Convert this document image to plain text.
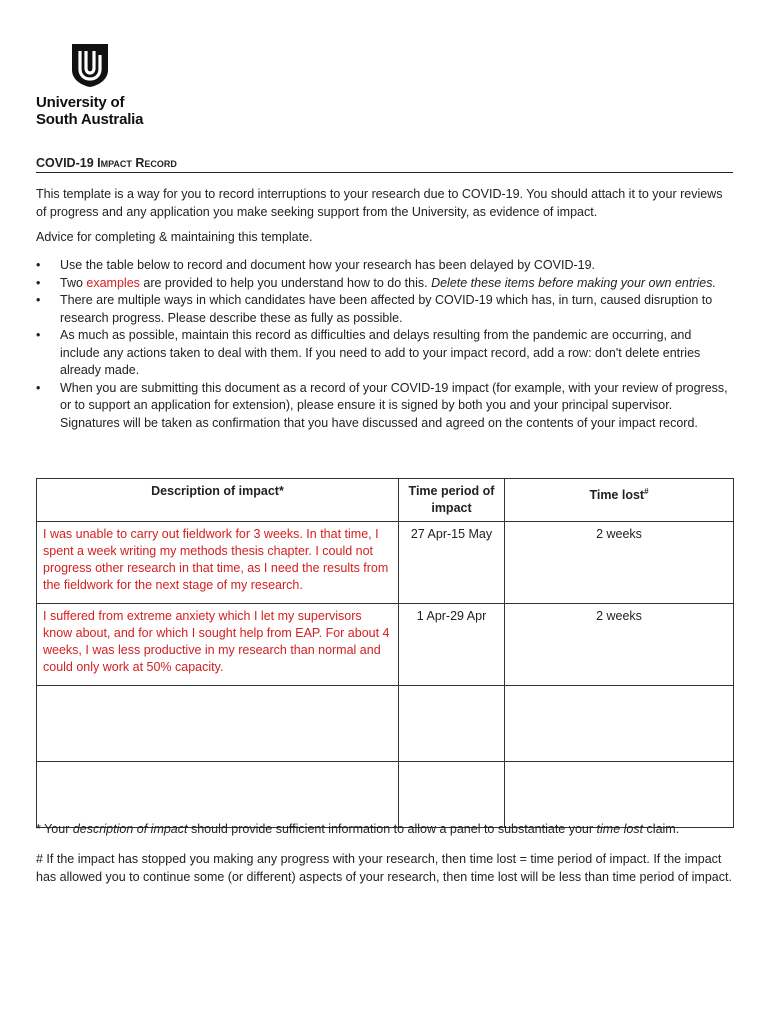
University of
South Australia
COVID-19 Impact Record
This template is a way for you to record interruptions to your research due to COVID-19. You should attach it to your reviews of progress and any application you make seeking support from the University, as evidence of impact.
Advice for completing & maintaining this template.
• Use the table below to record and document how your research has been delayed by COVID-19.
• Two examples are provided to help you understand how to do this. Delete these items before making your own entries.
• There are multiple ways in which candidates have been affected by COVID-19 which has, in turn, caused disruption to research progress. Please describe these as fully as possible.
• As much as possible, maintain this record as difficulties and delays resulting from the pandemic are occurring, and include any actions taken to deal with them. If you need to add to your impact record, add a row: don't delete entries already made.
• When you are submitting this document as a record of your COVID-19 impact (for example, with your review of progress, or to support an application for extension), please ensure it is signed by both you and your principal supervisor. Signatures will be taken as confirmation that you have discussed and agreed on the contents of your impact record.
Description of impact*	Time period of impact	Time lost#
I was unable to carry out fieldwork for 3 weeks. In that time, I spent a week writing my methods thesis chapter. I could not progress other research in that time, as I need the results from the fieldwork for the next stage of my research.	27 Apr-15 May	2 weeks
I suffered from extreme anxiety which I let my supervisors know about, and for which I sought help from EAP. For about 4 weeks, I was less productive in my research than normal and could only work at 50% capacity.	1 Apr-29 Apr	2 weeks

* Your description of impact should provide sufficient information to allow a panel to substantiate your time lost claim.
# If the impact has stopped you making any progress with your research, then time lost = time period of impact. If the impact has allowed you to continue some (or different) aspects of your research, then time lost will be less than time period of impact.
